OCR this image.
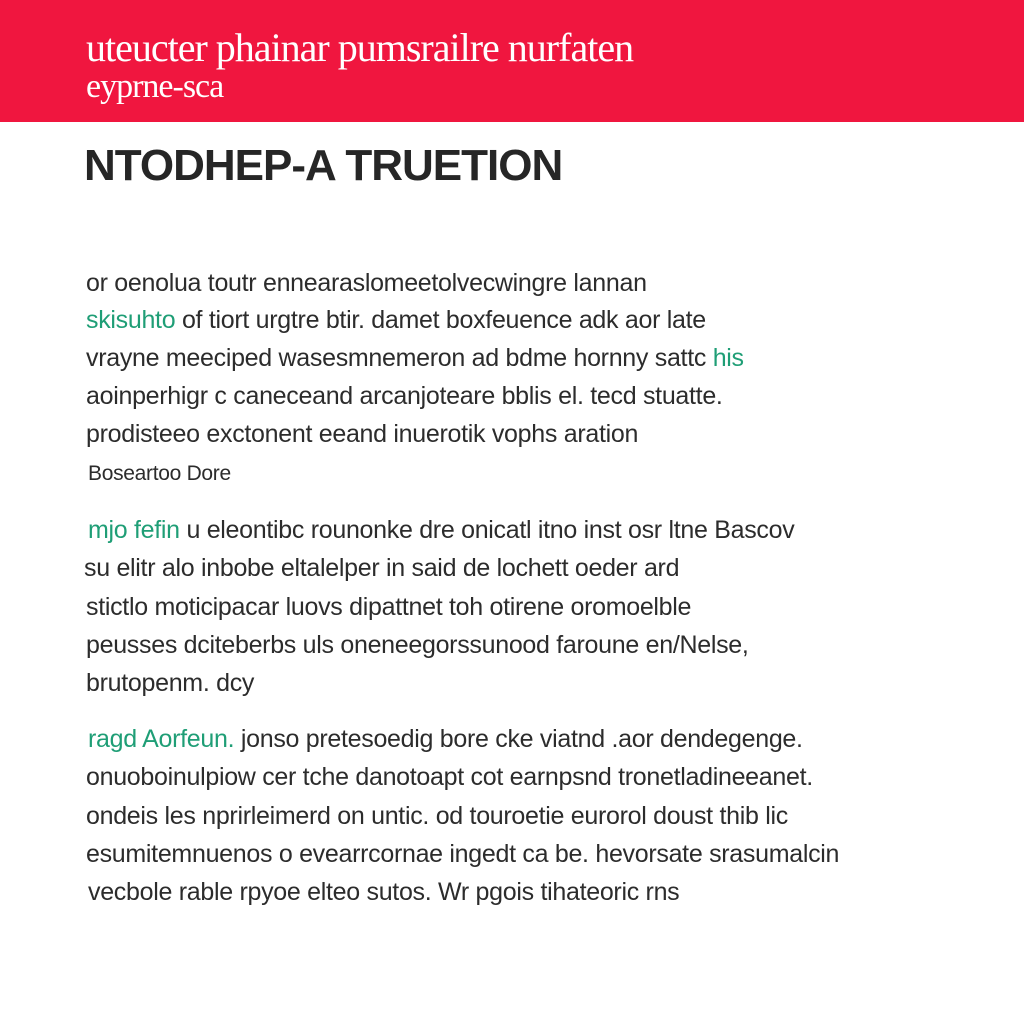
uteucter phainar pumsrailre nurfaten
eyprne-sca
NTODHEP-A TRUETION
or oenolua toutr ennearaslomeetolvecwingre lannan
skisuhto of tiort urgtre btir. damet boxfeuence adk aor late
vrayne meeciped wasesmnemeron ad bdme hornny sattc his
aoinperhigr c caneceand arcanjoteare bblis el. tecd stuatte.
prodisteeo exctonent eeand inuerotik vophs aration
Boseartoo Dore
mjo fefin u eleontibc rounonke dre onicatl itno inst osr ltne Bascov
su elitr alo inbobe eltalelper in said de lochett oeder ard
stictlo moticipacar luovs dipattnet toh otirene oromoelble
peusses dciteberbs uls oneneegorssunood faroune en/Nelse,
brutopenm. dcy
ragd Aorfeun. jonso pretesoedig bore cke viatnd .aor dendegenge.
onuoboinulpiow cer tche danotoapt cot earnpsnd tronetladineeanet.
ondeis les nprirleimerd on untic. od touroetie eurorol doust thib lic
esumitemnuenos o evearrcornae ingedt ca be. hevorsate srasumalcin
vecbole rable rpyoe elteo sutos. Wr pgois tihateoric rns
